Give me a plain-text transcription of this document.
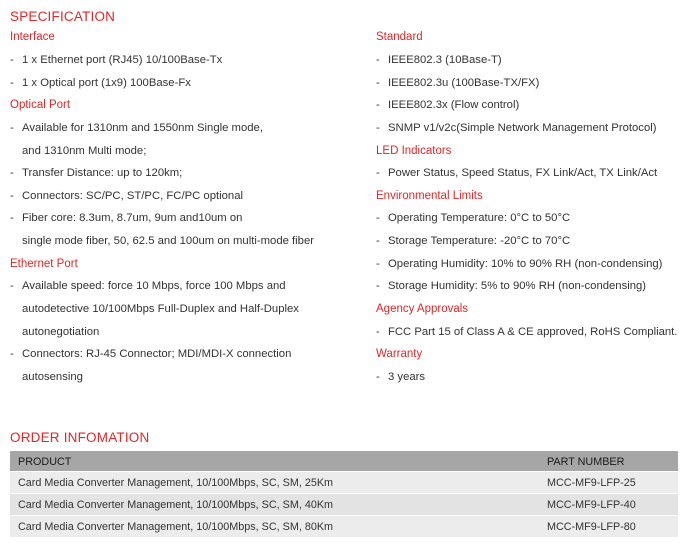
SPECIFICATION
Interface
- 1 x Ethernet port (RJ45) 10/100Base-Tx
- 1 x Optical port (1x9) 100Base-Fx
Optical Port
- Available for 1310nm and 1550nm Single mode,
and 1310nm Multi mode;
- Transfer Distance: up to 120km;
- Connectors: SC/PC, ST/PC, FC/PC optional
- Fiber core: 8.3um, 8.7um, 9um and10um on
single mode fiber, 50, 62.5 and 100um on multi-mode fiber
Ethernet Port
- Available speed: force 10 Mbps, force 100 Mbps and
autodetective 10/100Mbps Full-Duplex and Half-Duplex
autonegotiation
- Connectors: RJ-45 Connector; MDI/MDI-X connection
autosensing
Standard
- IEEE802.3 (10Base-T)
- IEEE802.3u (100Base-TX/FX)
- IEEE802.3x (Flow control)
- SNMP v1/v2c(Simple Network Management Protocol)
LED Indicators
- Power Status, Speed Status, FX Link/Act, TX Link/Act
Environmental Limits
- Operating Temperature: 0°C to 50°C
- Storage Temperature: -20°C to 70°C
- Operating Humidity: 10% to 90% RH (non-condensing)
- Storage Humidity: 5% to 90% RH (non-condensing)
Agency Approvals
- FCC Part 15 of Class A & CE approved, RoHS Compliant.
Warranty
- 3 years
ORDER INFOMATION
PRODUCT	PART NUMBER
Card Media Converter Management, 10/100Mbps, SC, SM, 25Km	MCC-MF9-LFP-25
Card Media Converter Management, 10/100Mbps, SC, SM, 40Km	MCC-MF9-LFP-40
Card Media Converter Management, 10/100Mbps, SC, SM, 80Km	MCC-MF9-LFP-80
